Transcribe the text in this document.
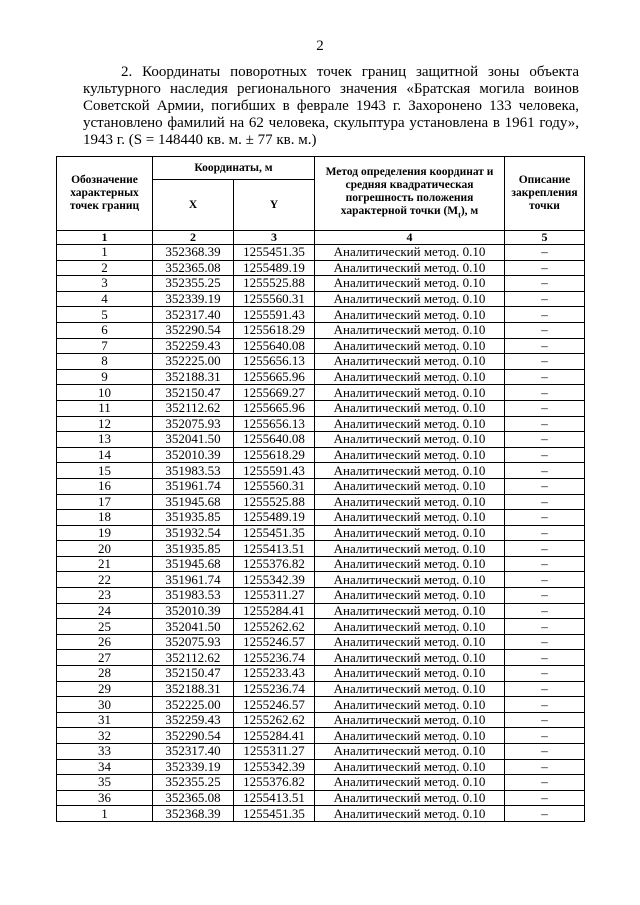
2

2. Координаты поворотных точек границ защитной зоны объекта культурного наследия регионального значения «Братская могила воинов Советской Армии, погибших в феврале 1943 г. Захоронено 133 человека, установлено фамилий на 62 человека, скульптура установлена в 1961 году», 1943 г. (S = 148440 кв. м. ± 77 кв. м.)

Обозначение характерных точек границ	Координаты, м		Метод определения координат и средняя квадратическая погрешность положения характерной точки $(M_t)$, м	Описание закрепления точки
	X	Y		
1	2	3	4	5
1	352368.39	1255451.35	Аналитический метод. 0.10	–
2	352365.08	1255489.19	Аналитический метод. 0.10	–
3	352355.25	1255525.88	Аналитический метод. 0.10	–
4	352339.19	1255560.31	Аналитический метод. 0.10	–
5	352317.40	1255591.43	Аналитический метод. 0.10	–
6	352290.54	1255618.29	Аналитический метод. 0.10	–
7	352259.43	1255640.08	Аналитический метод. 0.10	–
8	352225.00	1255656.13	Аналитический метод. 0.10	–
9	352188.31	1255665.96	Аналитический метод. 0.10	–
10	352150.47	1255669.27	Аналитический метод. 0.10	–
11	352112.62	1255665.96	Аналитический метод. 0.10	–
12	352075.93	1255656.13	Аналитический метод. 0.10	–
13	352041.50	1255640.08	Аналитический метод. 0.10	–
14	352010.39	1255618.29	Аналитический метод. 0.10	–
15	351983.53	1255591.43	Аналитический метод. 0.10	–
16	351961.74	1255560.31	Аналитический метод. 0.10	–
17	351945.68	1255525.88	Аналитический метод. 0.10	–
18	351935.85	1255489.19	Аналитический метод. 0.10	–
19	351932.54	1255451.35	Аналитический метод. 0.10	–
20	351935.85	1255413.51	Аналитический метод. 0.10	–
21	351945.68	1255376.82	Аналитический метод. 0.10	–
22	351961.74	1255342.39	Аналитический метод. 0.10	–
23	351983.53	1255311.27	Аналитический метод. 0.10	–
24	352010.39	1255284.41	Аналитический метод. 0.10	–
25	352041.50	1255262.62	Аналитический метод. 0.10	–
26	352075.93	1255246.57	Аналитический метод. 0.10	–
27	352112.62	1255236.74	Аналитический метод. 0.10	–
28	352150.47	1255233.43	Аналитический метод. 0.10	–
29	352188.31	1255236.74	Аналитический метод. 0.10	–
30	352225.00	1255246.57	Аналитический метод. 0.10	–
31	352259.43	1255262.62	Аналитический метод. 0.10	–
32	352290.54	1255284.41	Аналитический метод. 0.10	–
33	352317.40	1255311.27	Аналитический метод. 0.10	–
34	352339.19	1255342.39	Аналитический метод. 0.10	–
35	352355.25	1255376.82	Аналитический метод. 0.10	–
36	352365.08	1255413.51	Аналитический метод. 0.10	–
1	352368.39	1255451.35	Аналитический метод. 0.10	–
